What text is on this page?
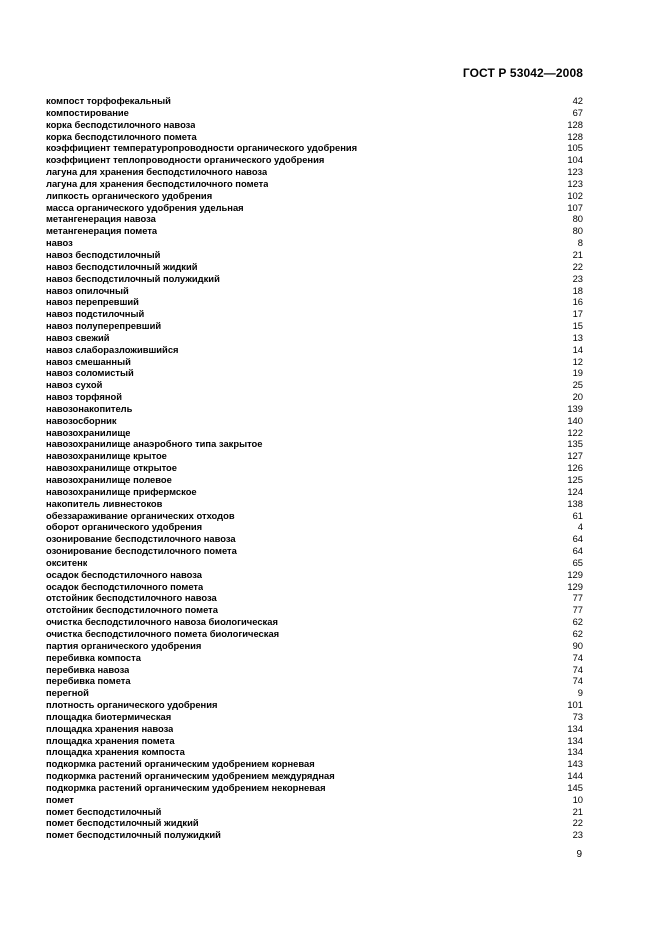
ГОСТ Р 53042—2008
компост торфофекальный	42
компостирование	67
корка бесподстилочного навоза	128
корка бесподстилочного помета	128
коэффициент температуропроводности органического удобрения	105
коэффициент теплопроводности органического удобрения	104
лагуна для хранения бесподстилочного навоза	123
лагуна для хранения бесподстилочного помета	123
липкость органического удобрения	102
масса органического удобрения удельная	107
метангенерация навоза	80
метангенерация помета	80
навоз	8
навоз бесподстилочный	21
навоз бесподстилочный жидкий	22
навоз бесподстилочный полужидкий	23
навоз опилочный	18
навоз перепревший	16
навоз подстилочный	17
навоз полуперепревший	15
навоз свежий	13
навоз слаборазложившийся	14
навоз смешанный	12
навоз соломистый	19
навоз сухой	25
навоз торфяной	20
навозонакопитель	139
навозосборник	140
навозохранилище	122
навозохранилище анаэробного типа закрытое	135
навозохранилище крытое	127
навозохранилище открытое	126
навозохранилище полевое	125
навозохранилище прифермское	124
накопитель ливнестоков	138
обеззараживание органических отходов	61
оборот органического удобрения	4
озонирование бесподстилочного навоза	64
озонирование бесподстилочного помета	64
окситенк	65
осадок бесподстилочного навоза	129
осадок бесподстилочного помета	129
отстойник бесподстилочного навоза	77
отстойник бесподстилочного помета	77
очистка бесподстилочного навоза биологическая	62
очистка бесподстилочного помета биологическая	62
партия органического удобрения	90
перебивка компоста	74
перебивка навоза	74
перебивка помета	74
перегной	9
плотность органического удобрения	101
площадка биотермическая	73
площадка хранения навоза	134
площадка хранения помета	134
площадка хранения компоста	134
подкормка растений органическим удобрением корневая	143
подкормка растений органическим удобрением междурядная	144
подкормка растений органическим удобрением некорневая	145
помет	10
помет бесподстилочный	21
помет бесподстилочный жидкий	22
помет бесподстилочный полужидкий	23
9
